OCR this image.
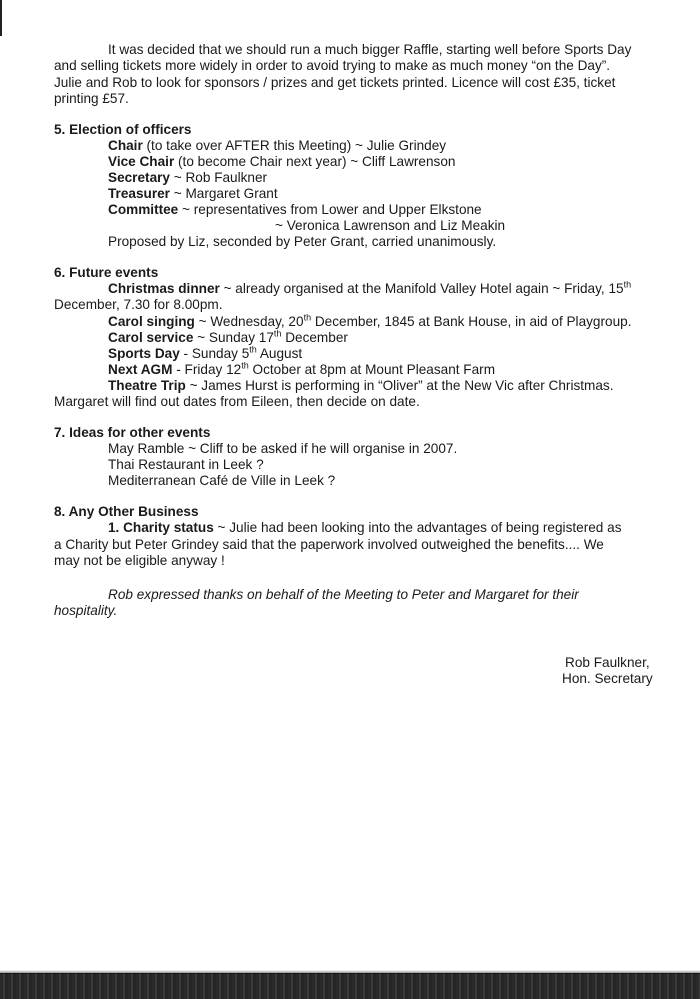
It was decided that we should run a much bigger Raffle, starting well before Sports Day
and selling tickets more widely in order to avoid trying to make as much money “on the Day”.
Julie and Rob to look for sponsors / prizes and get tickets printed. Licence will cost £35, ticket
printing £57.
5. Election of officers
Chair (to take over AFTER this Meeting) ~ Julie Grindey
Vice Chair (to become Chair next year) ~ Cliff Lawrenson
Secretary ~ Rob Faulkner
Treasurer ~ Margaret Grant
Committee ~ representatives from Lower and Upper Elkstone
~ Veronica Lawrenson and Liz Meakin
Proposed by Liz, seconded by Peter Grant, carried unanimously.
6. Future events
Christmas dinner ~ already organised at the Manifold Valley Hotel again ~ Friday, 15th
December, 7.30 for 8.00pm.
Carol singing ~ Wednesday, 20th December, 1845 at Bank House, in aid of Playgroup.
Carol service ~ Sunday 17th December
Sports Day - Sunday 5th August
Next AGM - Friday 12th October at 8pm at Mount Pleasant Farm
Theatre Trip ~ James Hurst is performing in “Oliver” at the New Vic after Christmas.
Margaret will find out dates from Eileen, then decide on date.
7. Ideas for other events
May Ramble ~ Cliff to be asked if he will organise in 2007.
Thai Restaurant in Leek ?
Mediterranean Café de Ville in Leek ?
8. Any Other Business
1. Charity status ~ Julie had been looking into the advantages of being registered as
a Charity but Peter Grindey said that the paperwork involved outweighed the benefits.... We
may not be eligible anyway !
Rob expressed thanks on behalf of the Meeting to Peter and Margaret for their
hospitality.
Rob Faulkner,
Hon. Secretary
